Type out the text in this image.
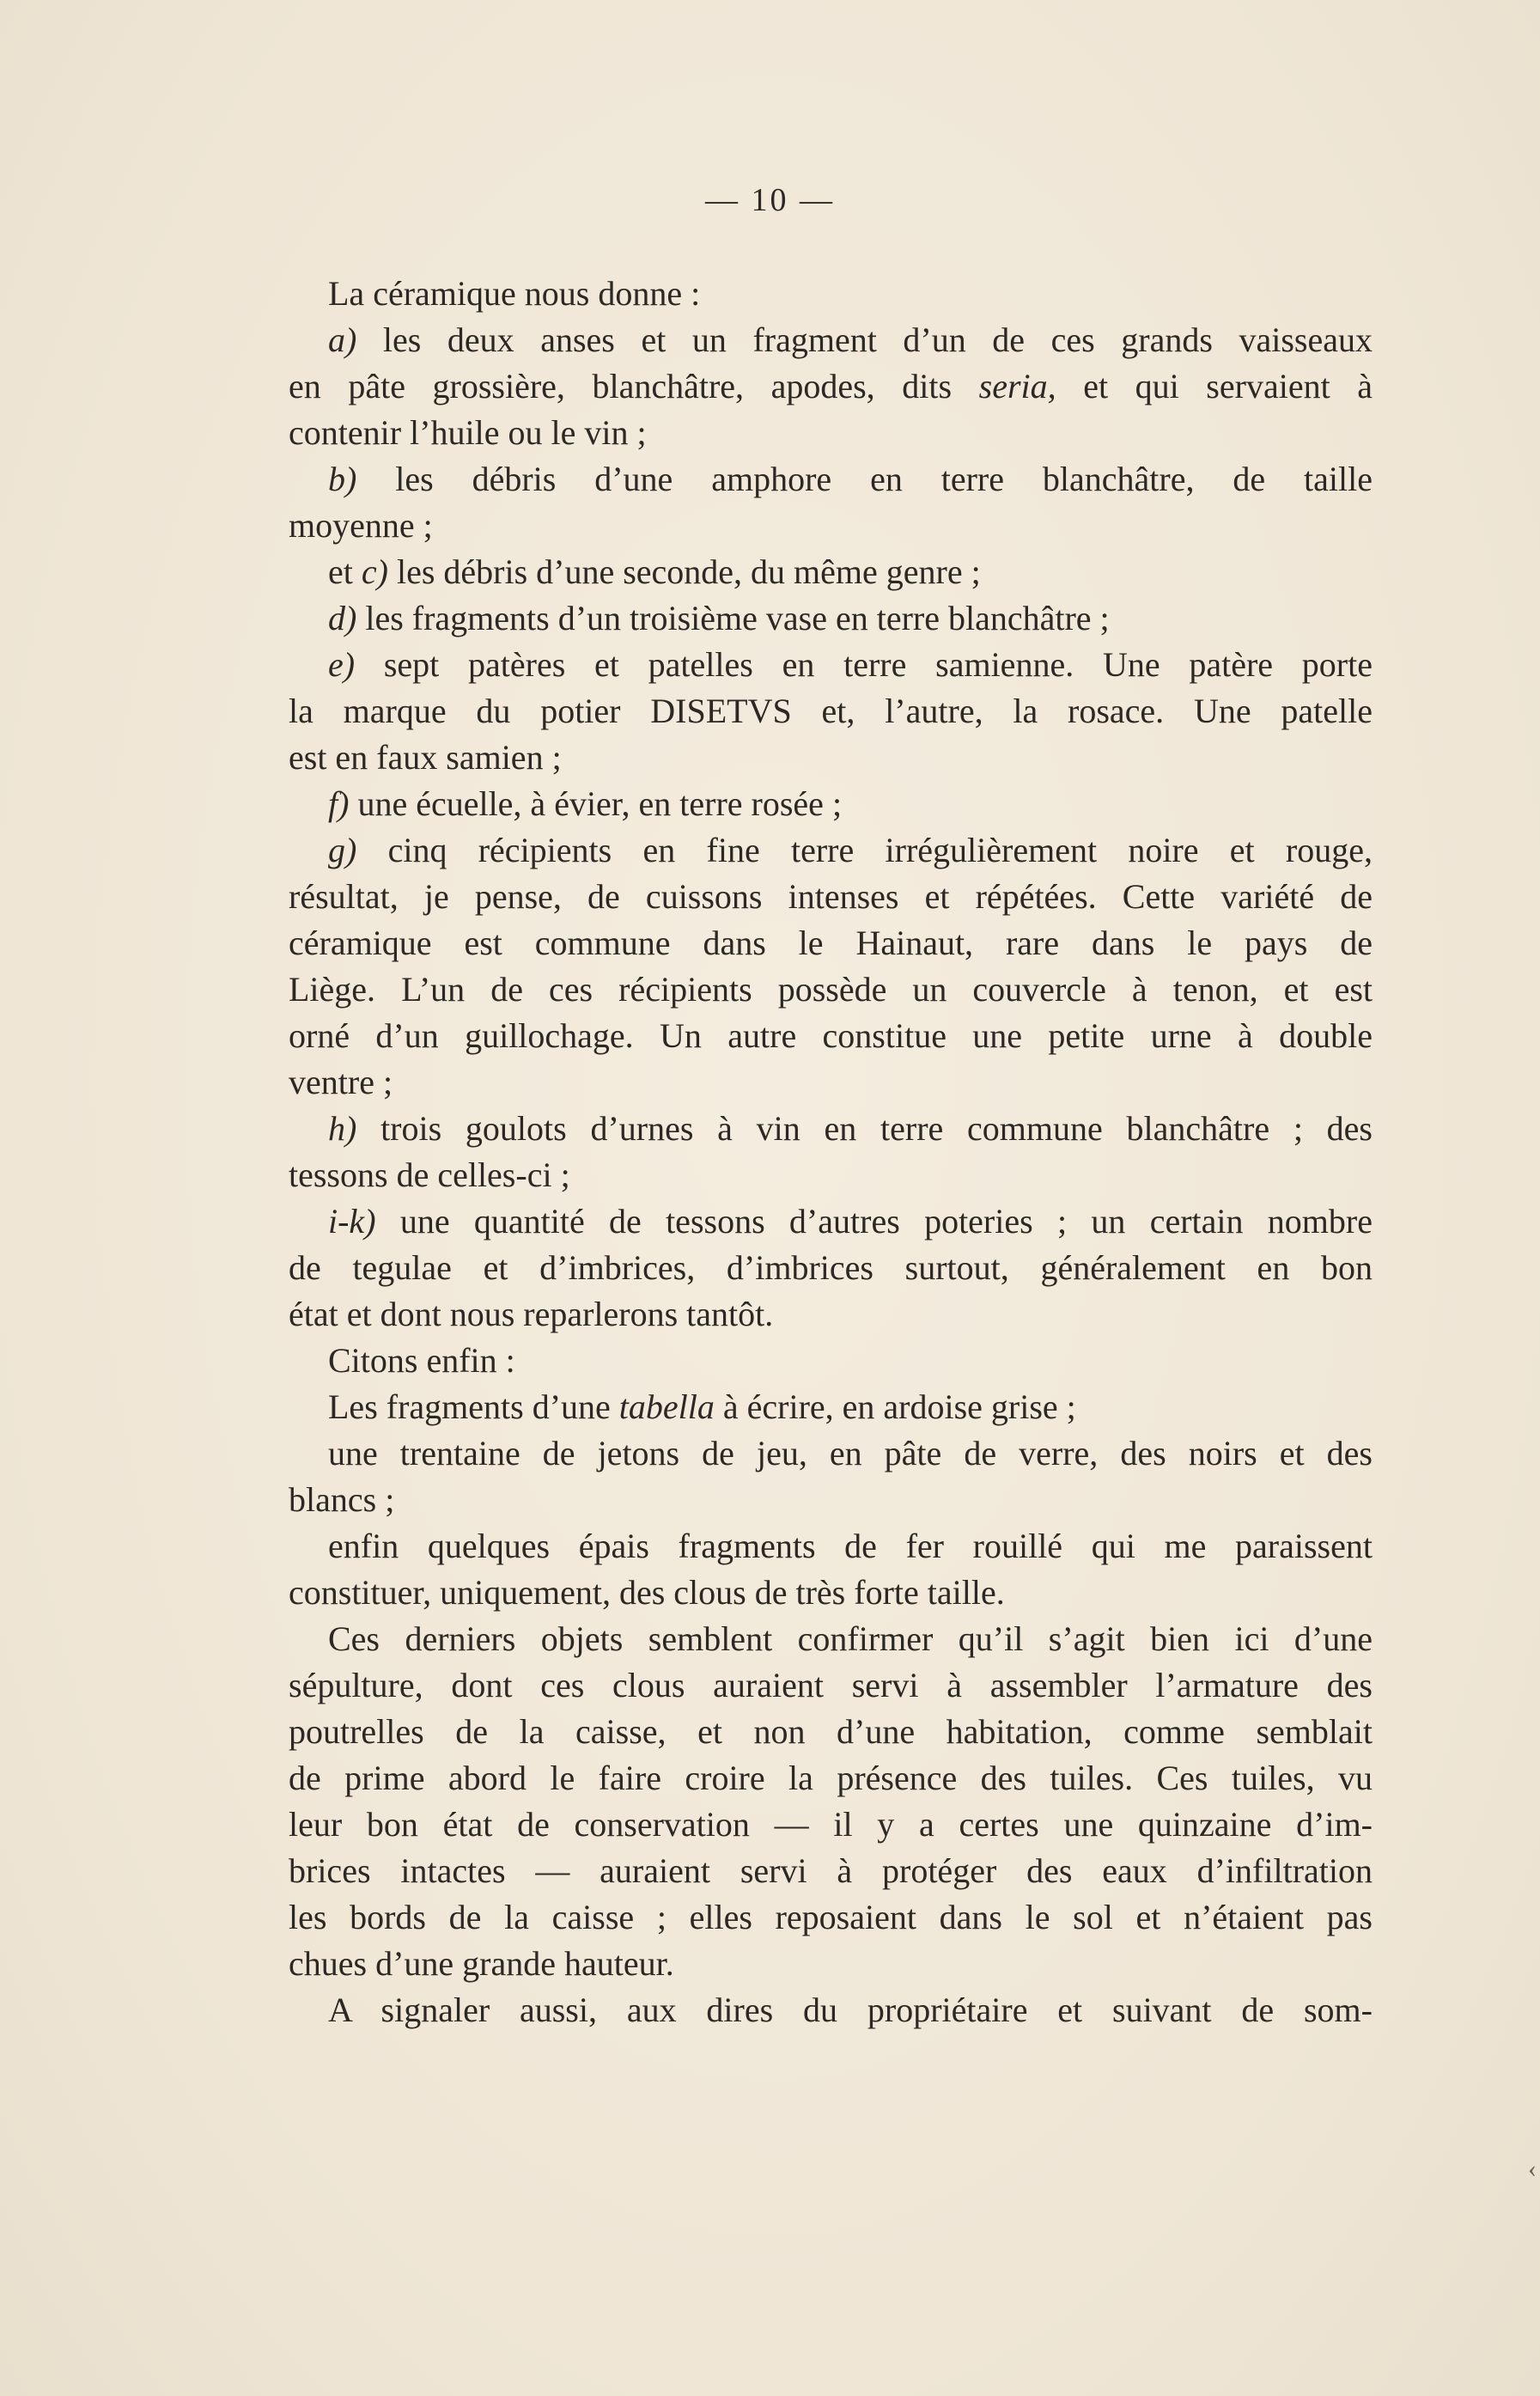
— 10 —
La céramique nous donne :
a) les deux anses et un fragment d’un de ces grands vaisseaux
en pâte grossière, blanchâtre, apodes, dits seria, et qui servaient à
contenir l’huile ou le vin ;
b) les débris d’une amphore en terre blanchâtre, de taille
moyenne ;
et c) les débris d’une seconde, du même genre ;
d) les fragments d’un troisième vase en terre blanchâtre ;
e) sept patères et patelles en terre samienne. Une patère porte
la marque du potier DISETVS et, l’autre, la rosace. Une patelle
est en faux samien ;
f) une écuelle, à évier, en terre rosée ;
g) cinq récipients en fine terre irrégulièrement noire et rouge,
résultat, je pense, de cuissons intenses et répétées. Cette variété de
céramique est commune dans le Hainaut, rare dans le pays de
Liège. L’un de ces récipients possède un couvercle à tenon, et est
orné d’un guillochage. Un autre constitue une petite urne à double
ventre ;
h) trois goulots d’urnes à vin en terre commune blanchâtre ; des
tessons de celles-ci ;
i-k) une quantité de tessons d’autres poteries ; un certain nombre
de tegulae et d’imbrices, d’imbrices surtout, généralement en bon
état et dont nous reparlerons tantôt.
Citons enfin :
Les fragments d’une tabella à écrire, en ardoise grise ;
une trentaine de jetons de jeu, en pâte de verre, des noirs et des
blancs ;
enfin quelques épais fragments de fer rouillé qui me paraissent
constituer, uniquement, des clous de très forte taille.
Ces derniers objets semblent confirmer qu’il s’agit bien ici d’une
sépulture, dont ces clous auraient servi à assembler l’armature des
poutrelles de la caisse, et non d’une habitation, comme semblait
de prime abord le faire croire la présence des tuiles. Ces tuiles, vu
leur bon état de conservation — il y a certes une quinzaine d’im-
brices intactes — auraient servi à protéger des eaux d’infiltration
les bords de la caisse ; elles reposaient dans le sol et n’étaient pas
chues d’une grande hauteur.
A signaler aussi, aux dires du propriétaire et suivant de som-
‹
